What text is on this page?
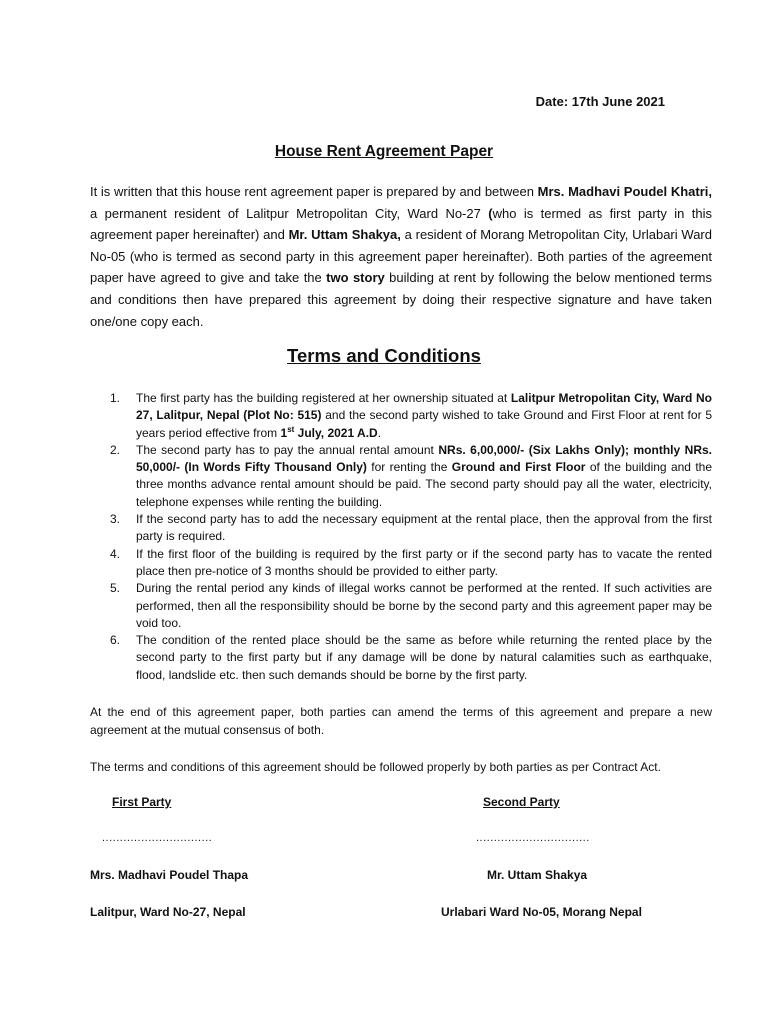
Date: 17th June 2021
House Rent Agreement Paper
It is written that this house rent agreement paper is prepared by and between Mrs. Madhavi Poudel Khatri, a permanent resident of Lalitpur Metropolitan City, Ward No-27 (who is termed as first party in this agreement paper hereinafter) and Mr. Uttam Shakya, a resident of Morang Metropolitan City, Urlabari Ward No-05 (who is termed as second party in this agreement paper hereinafter). Both parties of the agreement paper have agreed to give and take the two story building at rent by following the below mentioned terms and conditions then have prepared this agreement by doing their respective signature and have taken one/one copy each.
Terms and Conditions
1.	The first party has the building registered at her ownership situated at Lalitpur Metropolitan City, Ward No 27, Lalitpur, Nepal (Plot No: 515) and the second party wished to take Ground and First Floor at rent for 5 years period effective from 1st July, 2021 A.D.
2.	The second party has to pay the annual rental amount NRs. 6,00,000/- (Six Lakhs Only); monthly NRs. 50,000/- (In Words Fifty Thousand Only) for renting the Ground and First Floor of the building and the three months advance rental amount should be paid. The second party should pay all the water, electricity, telephone expenses while renting the building.
3.	If the second party has to add the necessary equipment at the rental place, then the approval from the first party is required.
4.	If the first floor of the building is required by the first party or if the second party has to vacate the rented place then pre-notice of 3 months should be provided to either party.
5.	During the rental period any kinds of illegal works cannot be performed at the rented. If such activities are performed, then all the responsibility should be borne by the second party and this agreement paper may be void too.
6.	The condition of the rented place should be the same as before while returning the rented place by the second party to the first party but if any damage will be done by natural calamities such as earthquake, flood, landslide etc. then such demands should be borne by the first party.
At the end of this agreement paper, both parties can amend the terms of this agreement and prepare a new agreement at the mutual consensus of both.
The terms and conditions of this agreement should be followed properly by both parties as per Contract Act.
First Party	Second Party
...............................	................................
Mrs. Madhavi Poudel Thapa	Mr. Uttam Shakya
Lalitpur, Ward No-27, Nepal	Urlabari Ward No-05, Morang Nepal
